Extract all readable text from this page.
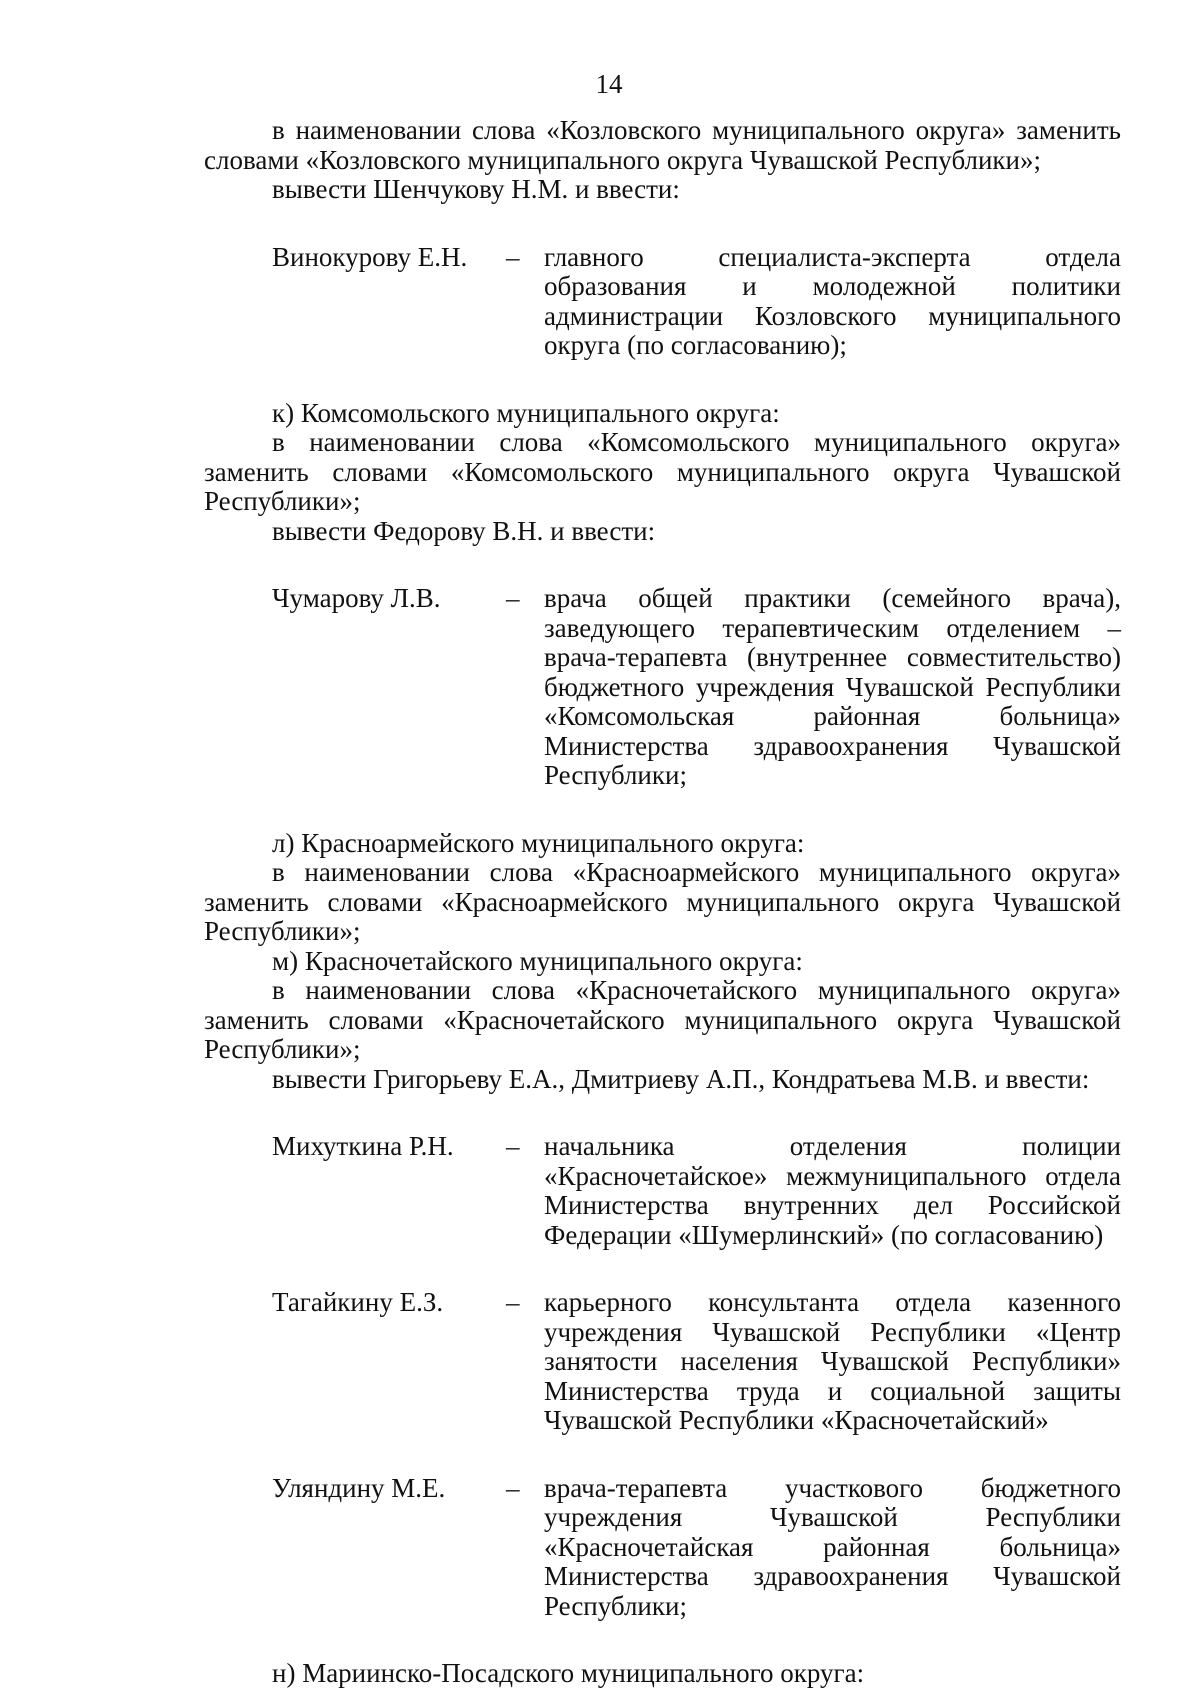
14

в наименовании слова «Козловского муниципального округа» заменить словами «Козловского муниципального округа Чувашской Республики»;

вывести Шенчукову Н.М. и ввести:

Винокурову Е.Н.	– главного специалиста-эксперта отдела образования и молодежной политики администрации Козловского муниципального округа (по согласованию);

к) Комсомольского муниципального округа:

в наименовании слова «Комсомольского муниципального округа» заменить словами «Комсомольского муниципального округа Чувашской Республики»;

вывести Федорову В.Н. и ввести:

Чумарову Л.В.	– врача общей практики (семейного врача), заведующего терапевтическим отделением – врача-терапевта (внутреннее совместительство) бюджетного учреждения Чувашской Республики «Комсомольская районная больница» Министерства здравоохранения Чувашской Республики;

л) Красноармейского муниципального округа:

в наименовании слова «Красноармейского муниципального округа» заменить словами «Красноармейского муниципального округа Чувашской Республики»;

м) Красночетайского муниципального округа:

в наименовании слова «Красночетайского муниципального округа» заменить словами «Красночетайского муниципального округа Чувашской Республики»;

вывести Григорьеву Е.А., Дмитриеву А.П., Кондратьева М.В. и ввести:

Михуткина Р.Н.	– начальника отделения полиции «Красночетайское» межмуниципального отдела Министерства внутренних дел Российской Федерации «Шумерлинский» (по согласованию)
Тагайкину Е.З.	– карьерного консультанта отдела казенного учреждения Чувашской Республики «Центр занятости населения Чувашской Республики» Министерства труда и социальной защиты Чувашской Республики «Красночетайский»
Уляндину М.Е.	– врача-терапевта участкового бюджетного учреждения Чувашской Республики «Красночетайская районная больница» Министерства здравоохранения Чувашской Республики;

н) Мариинско-Посадского муниципального округа:
